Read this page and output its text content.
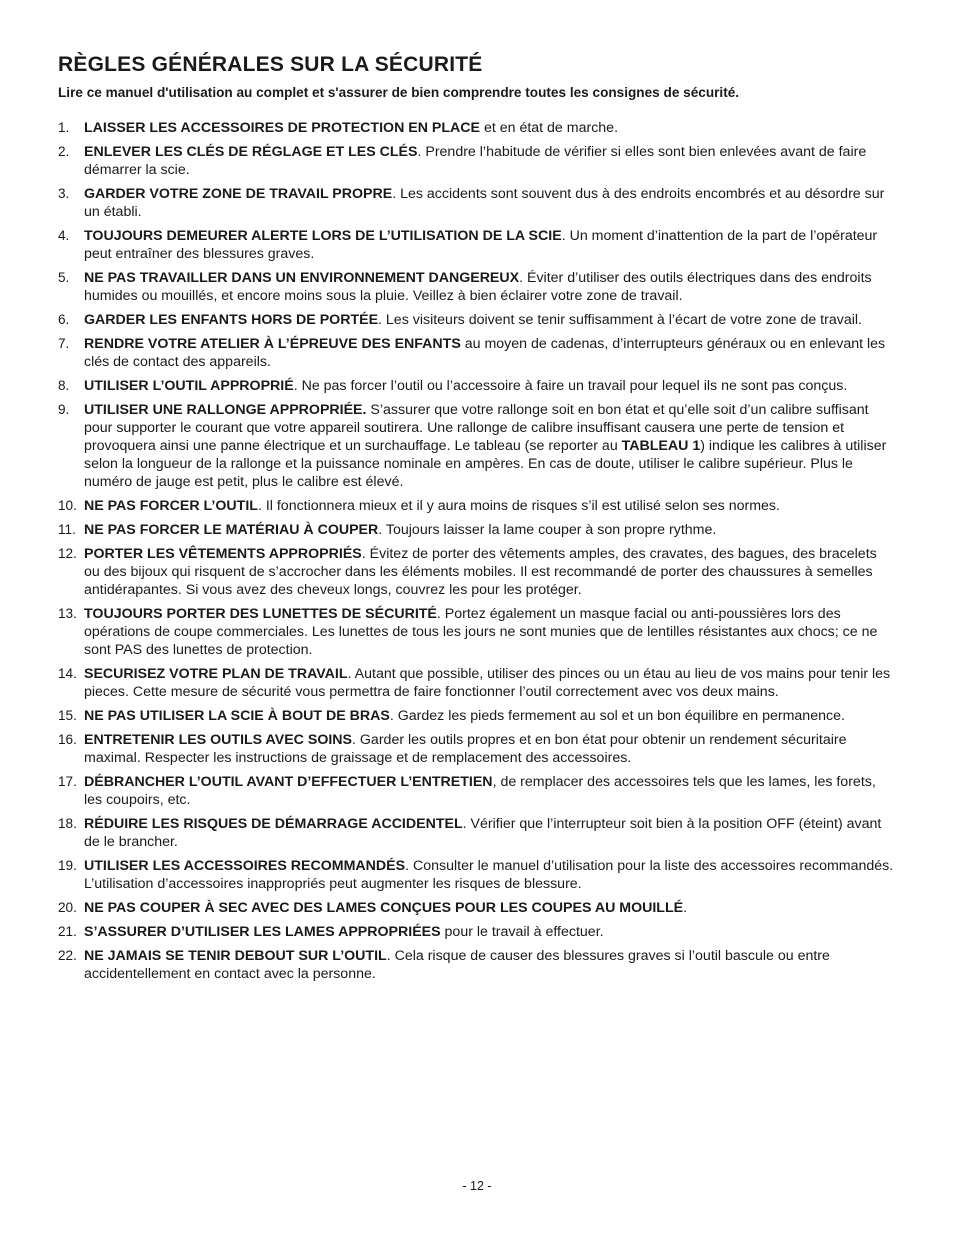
RÈGLES GÉNÉRALES SUR LA SÉCURITÉ

Lire ce manuel d'utilisation au complet et s'assurer de bien comprendre toutes les consignes de sécurité.

1. LAISSER LES ACCESSOIRES DE PROTECTION EN PLACE et en état de marche.
2. ENLEVER LES CLÉS DE RÉGLAGE ET LES CLÉS. Prendre l’habitude de vérifier si elles sont bien enlevées avant de faire démarrer la scie.
3. GARDER VOTRE ZONE DE TRAVAIL PROPRE. Les accidents sont souvent dus à des endroits encombrés et au désordre sur un établi.
4. TOUJOURS DEMEURER ALERTE LORS DE L’UTILISATION DE LA SCIE. Un moment d’inattention de la part de l’opérateur peut entraîner des blessures graves.
5. NE PAS TRAVAILLER DANS UN ENVIRONNEMENT DANGEREUX. Éviter d’utiliser des outils électriques dans des endroits humides ou mouillés, et encore moins sous la pluie. Veillez à bien éclairer votre zone de travail.
6. GARDER LES ENFANTS HORS DE PORTÉE. Les visiteurs doivent se tenir suffisamment à l’écart de votre zone de travail.
7. RENDRE VOTRE ATELIER À L’ÉPREUVE DES ENFANTS au moyen de cadenas, d’interrupteurs généraux ou en enlevant les clés de contact des appareils.
8. UTILISER L’OUTIL APPROPRIÉ. Ne pas forcer l’outil ou l’accessoire à faire un travail pour lequel ils ne sont pas conçus.
9. UTILISER UNE RALLONGE APPROPRIÉE. S’assurer que votre rallonge soit en bon état et qu’elle soit d’un calibre suffisant pour supporter le courant que votre appareil soutirera. Une rallonge de calibre insuffisant causera une perte de tension et provoquera ainsi une panne électrique et un surchauffage. Le tableau (se reporter au TABLEAU 1) indique les calibres à utiliser selon la longueur de la rallonge et la puissance nominale en ampères. En cas de doute, utiliser le calibre supérieur. Plus le numéro de jauge est petit, plus le calibre est élevé.
10. NE PAS FORCER L’OUTIL. Il fonctionnera mieux et il y aura moins de risques s’il est utilisé selon ses normes.
11. NE PAS FORCER LE MATÉRIAU À COUPER. Toujours laisser la lame couper à son propre rythme.
12. PORTER LES VÊTEMENTS APPROPRIÉS. Évitez de porter des vêtements amples, des cravates, des bagues, des bracelets ou des bijoux qui risquent de s’accrocher dans les éléments mobiles. Il est recommandé de porter des chaussures à semelles antidérapantes. Si vous avez des cheveux longs, couvrez les pour les protéger.
13. TOUJOURS PORTER DES LUNETTES DE SÉCURITÉ. Portez également un masque facial ou anti-poussières lors des opérations de coupe commerciales. Les lunettes de tous les jours ne sont munies que de lentilles résistantes aux chocs; ce ne sont PAS des lunettes de protection.
14. SECURISEZ VOTRE PLAN DE TRAVAIL. Autant que possible, utiliser des pinces ou un étau au lieu de vos mains pour tenir les pieces. Cette mesure de sécurité vous permettra de faire fonctionner l’outil correctement avec vos deux mains.
15. NE PAS UTILISER LA SCIE À BOUT DE BRAS. Gardez les pieds fermement au sol et un bon équilibre en permanence.
16. ENTRETENIR LES OUTILS AVEC SOINS. Garder les outils propres et en bon état pour obtenir un rendement sécuritaire maximal. Respecter les instructions de graissage et de remplacement des accessoires.
17. DÉBRANCHER L’OUTIL AVANT D’EFFECTUER L’ENTRETIEN, de remplacer des accessoires tels que les lames, les forets, les coupoirs, etc.
18. RÉDUIRE LES RISQUES DE DÉMARRAGE ACCIDENTEL. Vérifier que l’interrupteur soit bien à la position OFF (éteint) avant de le brancher.
19. UTILISER LES ACCESSOIRES RECOMMANDÉS. Consulter le manuel d’utilisation pour la liste des accessoires recommandés. L’utilisation d’accessoires inappropriés peut augmenter les risques de blessure.
20. NE PAS COUPER À SEC AVEC DES LAMES CONÇUES POUR LES COUPES AU MOUILLÉ.
21. S’ASSURER D’UTILISER LES LAMES APPROPRIÉES pour le travail à effectuer.
22. NE JAMAIS SE TENIR DEBOUT SUR L’OUTIL. Cela risque de causer des blessures graves si l’outil bascule ou entre accidentellement en contact avec la personne.
- 12 -
